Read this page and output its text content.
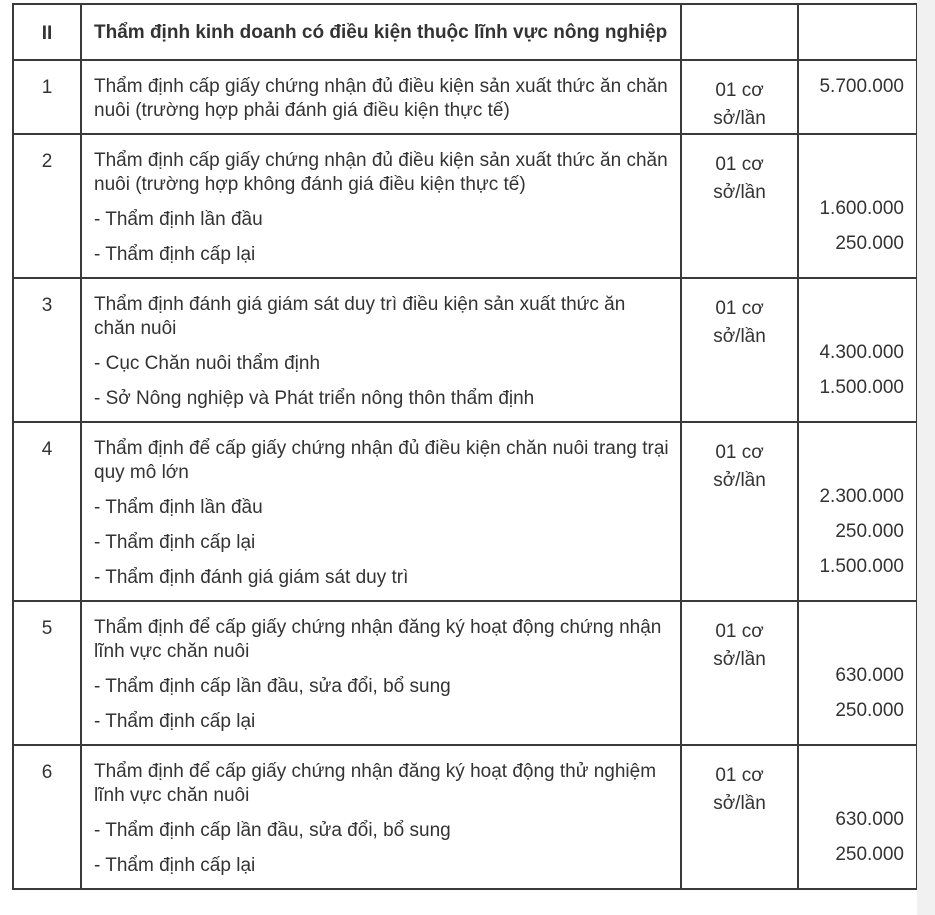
II	Thẩm định kinh doanh có điều kiện thuộc lĩnh vực nông nghiệp		
1	Thẩm định cấp giấy chứng nhận đủ điều kiện sản xuất thức ăn chăn nuôi (trường hợp phải đánh giá điều kiện thực tế)	01 cơ
sở/lần	5.700.000

2	Thẩm định cấp giấy chứng nhận đủ điều kiện sản xuất thức ăn chăn nuôi (trường hợp không đánh giá điều kiện thực tế)
- Thẩm định lần đầu
- Thẩm định cấp lại	01 cơ
sở/lần	1.600.000
250.000

3	Thẩm định đánh giá giám sát duy trì điều kiện sản xuất thức ăn chăn nuôi
- Cục Chăn nuôi thẩm định
- Sở Nông nghiệp và Phát triển nông thôn thẩm định	01 cơ
sở/lần	4.300.000
1.500.000

4	Thẩm định để cấp giấy chứng nhận đủ điều kiện chăn nuôi trang trại quy mô lớn
- Thẩm định lần đầu
- Thẩm định cấp lại
- Thẩm định đánh giá giám sát duy trì	01 cơ
sở/lần	2.300.000
250.000
1.500.000

5	Thẩm định để cấp giấy chứng nhận đăng ký hoạt động chứng nhận lĩnh vực chăn nuôi
- Thẩm định cấp lần đầu, sửa đổi, bổ sung
- Thẩm định cấp lại	01 cơ
sở/lần	630.000
250.000

6	Thẩm định để cấp giấy chứng nhận đăng ký hoạt động thử nghiệm lĩnh vực chăn nuôi
- Thẩm định cấp lần đầu, sửa đổi, bổ sung
- Thẩm định cấp lại	01 cơ
sở/lần	630.000
250.000
